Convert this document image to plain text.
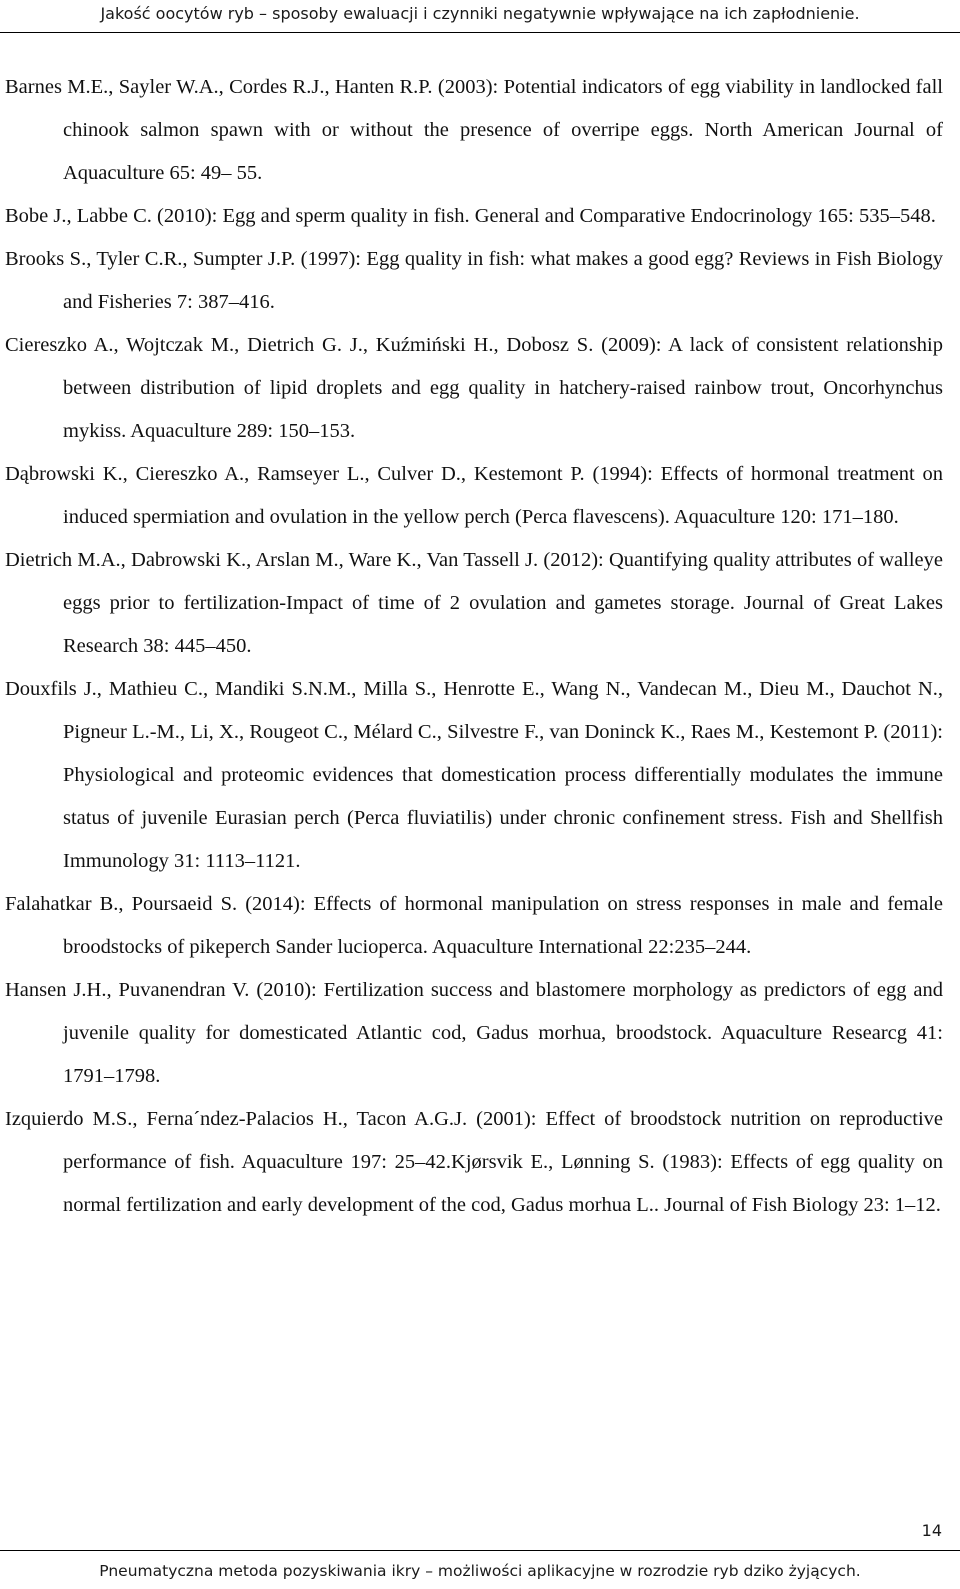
Jakość oocytów ryb – sposoby ewaluacji i czynniki negatywnie wpływające na ich zapłodnienie.

Barnes M.E., Sayler W.A., Cordes R.J., Hanten R.P. (2003): Potential indicators of egg viability in landlocked fall chinook salmon spawn with or without the presence of overripe eggs. North American Journal of Aquaculture 65: 49– 55.

Bobe J., Labbe C. (2010): Egg and sperm quality in fish. General and Comparative Endocrinology 165: 535–548.

Brooks S., Tyler C.R., Sumpter J.P. (1997): Egg quality in fish: what makes a good egg? Reviews in Fish Biology and Fisheries 7: 387–416.

Ciereszko A., Wojtczak M., Dietrich G. J., Kuźmiński H., Dobosz S. (2009): A lack of consistent relationship between distribution of lipid droplets and egg quality in hatchery-raised rainbow trout, Oncorhynchus mykiss. Aquaculture 289: 150–153.

Dąbrowski K., Ciereszko A., Ramseyer L., Culver D., Kestemont P. (1994): Effects of hormonal treatment on induced spermiation and ovulation in the yellow perch (Perca flavescens). Aquaculture 120: 171–180.

Dietrich M.A., Dabrowski K., Arslan M., Ware K., Van Tassell J. (2012): Quantifying quality attributes of walleye eggs prior to fertilization-Impact of time of 2 ovulation and gametes storage. Journal of Great Lakes Research 38: 445–450.

Douxfils J., Mathieu C., Mandiki S.N.M., Milla S., Henrotte E., Wang N., Vandecan M., Dieu M., Dauchot N., Pigneur L.-M., Li, X., Rougeot C., Mélard C., Silvestre F., van Doninck K., Raes M., Kestemont P. (2011): Physiological and proteomic evidences that domestication process differentially modulates the immune status of juvenile Eurasian perch (Perca fluviatilis) under chronic confinement stress. Fish and Shellfish Immunology 31: 1113–1121.

Falahatkar B., Poursaeid S. (2014): Effects of hormonal manipulation on stress responses in male and female broodstocks of pikeperch Sander lucioperca. Aquaculture International 22:235–244.

Hansen J.H., Puvanendran V. (2010): Fertilization success and blastomere morphology as predictors of egg and juvenile quality for domesticated Atlantic cod, Gadus morhua, broodstock. Aquaculture Researcg 41: 1791–1798.

Izquierdo M.S., Ferna´ndez-Palacios H., Tacon A.G.J. (2001): Effect of broodstock nutrition on reproductive performance of fish. Aquaculture 197: 25–42.Kjørsvik E., Lønning S. (1983): Effects of egg quality on normal fertilization and early development of the cod, Gadus morhua L.. Journal of Fish Biology 23: 1–12.

14
Pneumatyczna metoda pozyskiwania ikry – możliwości aplikacyjne w rozrodzie ryb dziko żyjących.
